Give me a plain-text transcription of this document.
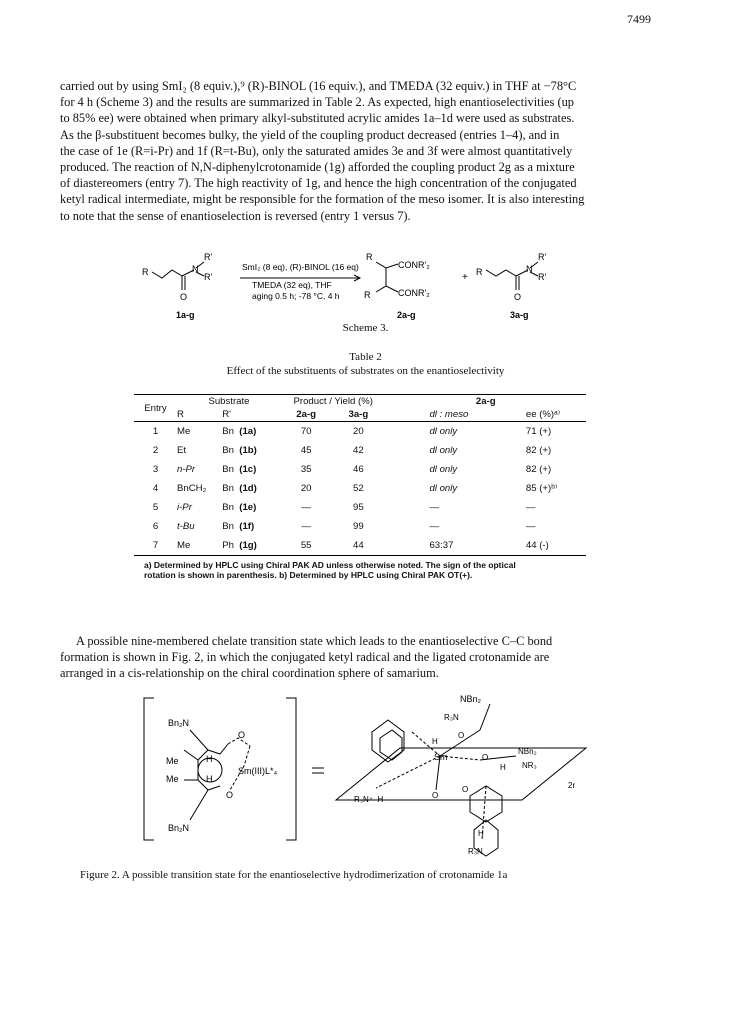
7499
carried out by using SmI₂ (8 equiv.),⁹ (R)-BINOL (16 equiv.), and TMEDA (32 equiv.) in THF at −78°C
for 4 h (Scheme 3) and the results are summarized in Table 2. As expected, high enantioselectivities (up
to 85% ee) were obtained when primary alkyl-substituted acrylic amides 1a–1d were used as substrates.
As the β-substituent becomes bulky, the yield of the coupling product decreased (entries 1–4), and in
the case of 1e (R=i-Pr) and 1f (R=t-Bu), only the saturated amides 3e and 3f were almost quantitatively
produced. The reaction of N,N-diphenylcrotonamide (1g) afforded the coupling product 2g as a mixture
of diastereomers (entry 7). The high reactivity of 1g, and hence the high concentration of the conjugated
ketyl radical intermediate, might be responsible for the formation of the meso isomer. It is also interesting
to note that the sense of enantioselection is reversed (entry 1 versus 7).
R	N
R'
R'
O
1a-g
SmI₂ (8 eq), (R)-BINOL (16 eq)
TMEDA (32 eq), THF
aging 0.5 h; -78 °C, 4 h
R
CONR'₂
CONR'₂
R
2a-g
+ R	N
R'
R'
O
3a-g
Scheme 3.
Table 2
Effect of the substituents of substrates on the enantioselectivity
Entry	Substrate		Product / Yield (%)		2a-g	
	R	R'	2a-g	3a-g	dl : meso	ee (%)ᵃ⁾
1	Me	Bn (1a)	70	20	dl only	71 (+)
2	Et	Bn (1b)	45	42	dl only	82 (+)
3	n-Pr	Bn (1c)	35	46	dl only	82 (+)
4	BnCH₂	Bn (1d)	20	52	dl only	85 (+)ᵇ⁾
5	i-Pr	Bn (1e)	—	95	—	—
6	t-Bu	Bn (1f)	—	99	—	—
7	Me	Ph (1g)	55	44	63:37	44 (-)
a) Determined by HPLC using Chiral PAK AD unless otherwise noted. The sign of the optical
rotation is shown in parenthesis. b) Determined by HPLC using Chiral PAK OT(+).
A possible nine-membered chelate transition state which leads to the enantioselective C–C bond
formation is shown in Fig. 2, in which the conjugated ketyl radical and the ligated crotonamide are
arranged in a cis-relationship on the chiral coordination sphere of samarium.
Bn₂N
Bn₂N
Me
Me
H
H
O
O
Sm(III)L*₄
NBn₂
R₃N
O
H
NBn₂
NR₃
H
O
Sm
O
O
R₃N⁺–H
2r
H
R₃N
Figure 2. A possible transition state for the enantioselective hydrodimerization of crotonamide 1a
